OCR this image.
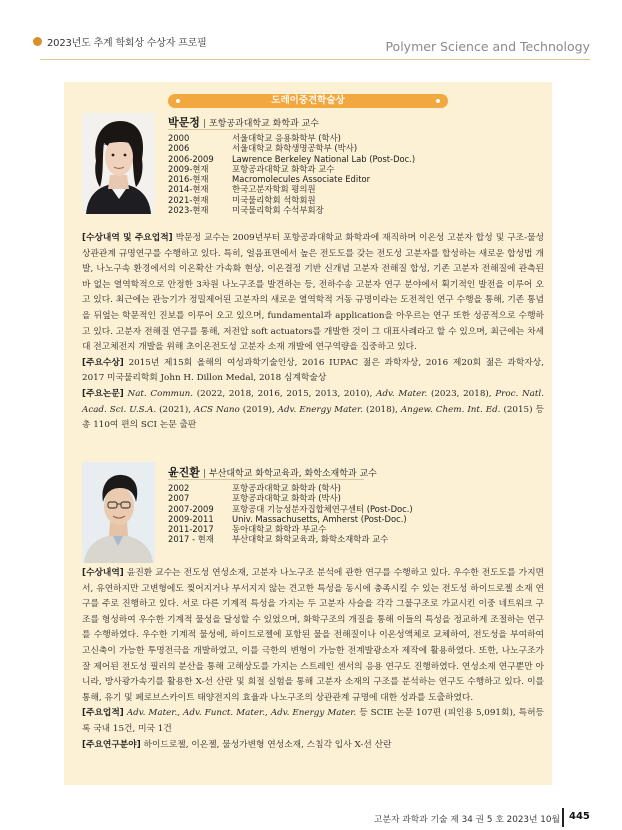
2023년도 추계 학회상 수상자 프로필	Polymer Science and Technology
도레이중견학술상
박문정 | 포항공과대학교 화학과 교수
2000	서울대학교 응용화학부 (학사)
2006	서울대학교 화학생명공학부 (박사)
2006-2009 Lawrence Berkeley National Lab (Post-Doc.)
2009-현재	포항공과대학교 화학과 교수
2016-현재	Macromolecules Associate Editor
2014-현재	한국고분자학회 평의원
2021-현재	미국물리학회 석학회원
2023-현재	미국물리학회 수석부회장

[수상내역 및 주요업적] 박문정 교수는 2009년부터 포항공과대학교 화학과에 재직하며 이온성 고분자 합성 및 구조-물성 상관관계 규명연구를 수행하고 있다. 특히, 얼음표면에서 높은 전도도를 갖는 전도성 고분자를 합성하는 새로운 합성법 개발, 나노구속 환경에서의 이온확산 가속화 현상, 이온결정 기반 신개념 고분자 전해질 합성, 기존 고분자 전해질에 관측된 바 없는 열역학적으로 안정한 3차원 나노구조를 발견하는 등, 전하수송 고분자 연구 분야에서 획기적인 발전을 이루어 오고 있다. 최근에는 관능기가 정밀제어된 고분자의 새로운 열역학적 거동 규명이라는 도전적인 연구 수행을 통해, 기존 통념을 뒤엎는 학문적인 진보를 이루어 오고 있으며, fundamental과 application을 아우르는 연구 또한 성공적으로 수행하고 있다. 고분자 전해질 연구를 통해, 저전압 soft actuators를 개발한 것이 그 대표사례라고 할 수 있으며, 최근에는 차세대 전고체전지 개발을 위해 초이온전도성 고분자 소재 개발에 연구역량을 집중하고 있다.

[주요수상] 2015년 제15회 올해의 여성과학기술인상, 2016 IUPAC 젊은 과학자상, 2016 제20회 젊은 과학자상, 2017 미국물리학회 John H. Dillon Medal, 2018 심계학술상

[주요논문] Nat. Commun. (2022, 2018, 2016, 2015, 2013, 2010), Adv. Mater. (2023, 2018), Proc. Natl. Acad. Sci. U.S.A. (2021), ACS Nano (2019), Adv. Energy Mater. (2018), Angew. Chem. Int. Ed. (2015) 등 총 110여 편의 SCI 논문 출판

윤진환 | 부산대학교 화학교육과, 화학소재학과 교수
2002	포항공과대학교 화학과 (학사)
2007	포항공과대학교 화학과 (박사)
2007-2009 포항공대 기능성분자집합체연구센터 (Post-Doc.)
2009-2011 Univ. Massachusetts, Amherst (Post-Doc.)
2011-2017 동아대학교 화학과 부교수
2017 - 현재 부산대학교 화학교육과, 화학소재학과 교수

[수상내역] 윤진환 교수는 전도성 연성소재, 고분자 나노구조 분석에 관한 연구를 수행하고 있다. 우수한 전도도를 가지면서, 유연하지만 고변형에도 찢어지거나 부서지지 않는 견고한 특성을 동시에 충족시킬 수 있는 전도성 하이드로젤 소재 연구를 주로 진행하고 있다. 서로 다른 기계적 특성을 가지는 두 고분자 사슬을 각각 그물구조로 가교시킨 이중 네트워크 구조를 형성하여 우수한 기계적 물성을 달성할 수 있었으며, 화학구조의 개질을 통해 이들의 특성을 정교하게 조절하는 연구를 수행하였다. 우수한 기계적 물성에, 하이드로젤에 포함된 물을 전해질이나 이온성액체로 교체하여, 전도성을 부여하여 고신축이 가능한 투명전극을 개발하였고, 이를 극한의 변형이 가능한 전계발광소자 제작에 활용하였다. 또한, 나노구조가 잘 제어된 전도성 필러의 분산을 통해 고해상도를 가지는 스트레인 센서의 응용 연구도 진행하였다. 연성소재 연구뿐만 아니라, 방사광가속기를 활용한 X-선 산란 및 회절 실험을 통해 고분자 소재의 구조를 분석하는 연구도 수행하고 있다. 이를 통해, 유기 및 페로브스카이트 태양전지의 효율과 나노구조의 상관관계 규명에 대한 성과를 도출하였다.

[주요업적] Adv. Mater., Adv. Funct. Mater., Adv. Energy Mater. 등 SCIE 논문 107편 (피인용 5,091회), 특허등록 국내 15건, 미국 1건

[주요연구분야] 하이드로젤, 이온젤, 물성가변형 연성소재, 스침각 입사 X-선 산란

고분자 과학과 기술 제 34 권 5 호 2023년 10월 445
